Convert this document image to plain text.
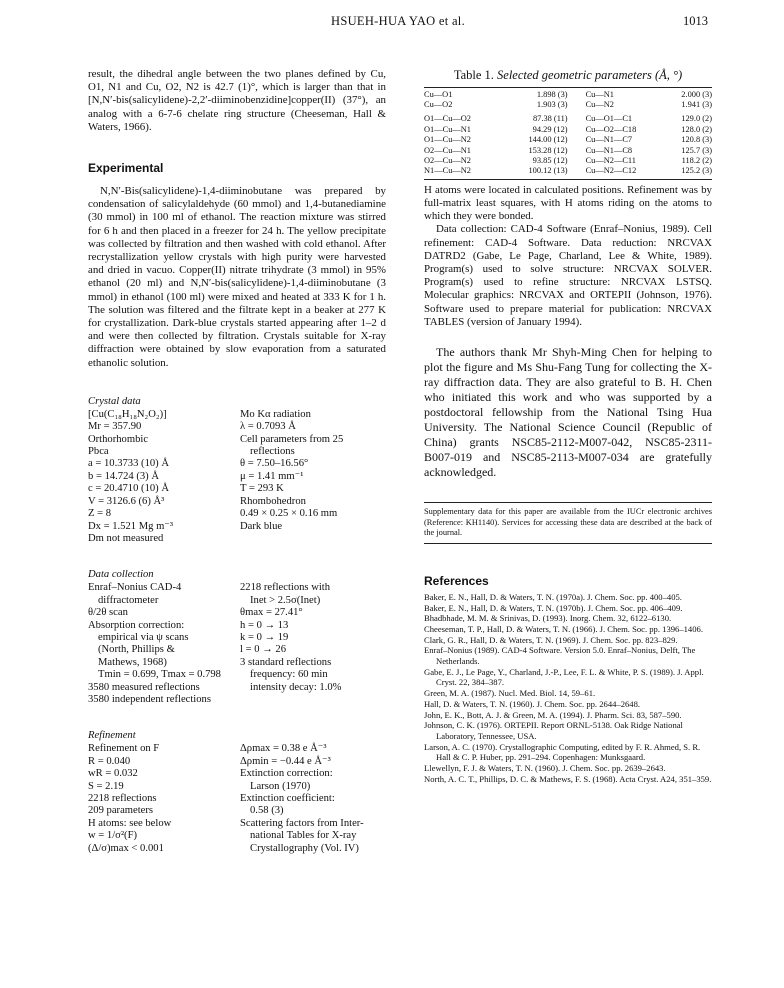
HSUEH-HUA YAO et al.	1013

result, the dihedral angle between the two planes defined by Cu, O1, N1 and Cu, O2, N2 is 42.7 (1)°, which is larger than that in [N,N′-bis(salicylidene)-2,2′-diiminobenzidine]copper(II) (37°), an analog with a 6-7-6 chelate ring structure (Cheeseman, Hall & Waters, 1966).

Experimental

N,N′-Bis(salicylidene)-1,4-diiminobutane was prepared by condensation of salicylaldehyde (60 mmol) and 1,4-butanediamine (30 mmol) in 100 ml of ethanol. The reaction mixture was stirred for 6 h and then placed in a freezer for 24 h. The yellow precipitate was collected by filtration and then washed with cold ethanol. After recrystallization yellow crystals with high purity were harvested and dried in vacuo. Copper(II) nitrate trihydrate (3 mmol) in 95% ethanol (20 ml) and N,N′-bis(salicylidene)-1,4-diiminobutane (3 mmol) in ethanol (100 ml) were mixed and heated at 333 K for 1 h. The solution was filtered and the filtrate kept in a beaker at 277 K for crystallization. Dark-blue crystals started appearing after 1–2 d and were then collected by filtration. Crystals suitable for X-ray diffraction were obtained by slow evaporation from a saturated ethanolic solution.

Crystal data

[Cu(C₁₈H₁₈N₂O₂)]
Mr = 357.90
Orthorhombic
Pbca
a = 10.3733 (10) Å
b = 14.724 (3) Å
c = 20.4710 (10) Å
V = 3126.6 (6) Å³
Z = 8
Dx = 1.521 Mg m⁻³
Dm not measured
Mo Kα radiation
λ = 0.7093 Å
Cell parameters from 25
reflections
θ = 7.50–16.56°
μ = 1.41 mm⁻¹
T = 293 K
Rhombohedron
0.49 × 0.25 × 0.16 mm
Dark blue

Data collection

Enraf–Nonius CAD-4
diffractometer
θ/2θ scan
Absorption correction:
empirical via ψ scans
(North, Phillips &
Mathews, 1968)
Tmin = 0.699, Tmax = 0.798
3580 measured reflections
3580 independent reflections
2218 reflections with
Inet > 2.5σ(Inet)
θmax = 27.41°
h = 0 → 13
k = 0 → 19
l = 0 → 26
3 standard reflections
frequency: 60 min
intensity decay: 1.0%

Refinement

Refinement on F
R = 0.040
wR = 0.032
S = 2.19
2218 reflections
209 parameters
H atoms: see below
w = 1/σ²(F)
(Δ/σ)max < 0.001
Δρmax = 0.38 e Å⁻³
Δρmin = −0.44 e Å⁻³
Extinction correction:
Larson (1970)
Extinction coefficient:
0.58 (3)
Scattering factors from Inter-
national Tables for X-ray
Crystallography (Vol. IV)
Table 1. Selected geometric parameters (Å, °)
Cu—O1	1.898 (3)	Cu—N1	2.000 (3)
Cu—O2	1.903 (3)	Cu—N2	1.941 (3)
O1—Cu—O2	87.38 (11)	Cu—O1—C1	129.0 (2)
O1—Cu—N1	94.29 (12)	Cu—O2—C18	128.0 (2)
O1—Cu—N2	144.00 (12)	Cu—N1—C7	120.8 (3)
O2—Cu—N1	153.28 (12)	Cu—N1—C8	125.7 (3)
O2—Cu—N2	93.85 (12)	Cu—N2—C11	118.2 (2)
N1—Cu—N2	100.12 (13)	Cu—N2—C12	125.2 (3)

H atoms were located in calculated positions. Refinement was by full-matrix least squares, with H atoms riding on the atoms to which they were bonded.

Data collection: CAD-4 Software (Enraf–Nonius, 1989). Cell refinement: CAD-4 Software. Data reduction: NRCVAX DATRD2 (Gabe, Le Page, Charland, Lee & White, 1989). Program(s) used to solve structure: NRCVAX SOLVER. Program(s) used to refine structure: NRCVAX LSTSQ. Molecular graphics: NRCVAX and ORTEPII (Johnson, 1976). Software used to prepare material for publication: NRCVAX TABLES (version of January 1994).

The authors thank Mr Shyh-Ming Chen for helping to plot the figure and Ms Shu-Fang Tung for collecting the X-ray diffraction data. They are also grateful to B. H. Chen who initiated this work and who was supported by a postdoctoral fellowship from the National Tsing Hua University. The National Science Council (Republic of China) grants NSC85-2112-M007-042, NSC85-2311-B007-019 and NSC85-2113-M007-034 are gratefully acknowledged.

Supplementary data for this paper are available from the IUCr electronic archives (Reference: KH1140). Services for accessing these data are described at the back of the journal.

References
Baker, E. N., Hall, D. & Waters, T. N. (1970a). J. Chem. Soc. pp. 400–405.
Baker, E. N., Hall, D. & Waters, T. N. (1970b). J. Chem. Soc. pp. 406–409.
Bhadbhade, M. M. & Srinivas, D. (1993). Inorg. Chem. 32, 6122–6130.
Cheeseman, T. P., Hall, D. & Waters, T. N. (1966). J. Chem. Soc. pp. 1396–1406.
Clark, G. R., Hall, D. & Waters, T. N. (1969). J. Chem. Soc. pp. 823–829.
Enraf–Nonius (1989). CAD-4 Software. Version 5.0. Enraf–Nonius, Delft, The Netherlands.
Gabe, E. J., Le Page, Y., Charland, J.-P., Lee, F. L. & White, P. S. (1989). J. Appl. Cryst. 22, 384–387.
Green, M. A. (1987). Nucl. Med. Biol. 14, 59–61.
Hall, D. & Waters, T. N. (1960). J. Chem. Soc. pp. 2644–2648.
John, E. K., Bott, A. J. & Green, M. A. (1994). J. Pharm. Sci. 83, 587–590.
Johnson, C. K. (1976). ORTEPII. Report ORNL-5138. Oak Ridge National Laboratory, Tennessee, USA.
Larson, A. C. (1970). Crystallographic Computing, edited by F. R. Ahmed, S. R. Hall & C. P. Huber, pp. 291–294. Copenhagen: Munksgaard.
Llewellyn, F. J. & Waters, T. N. (1960). J. Chem. Soc. pp. 2639–2643.
North, A. C. T., Phillips, D. C. & Mathews, F. S. (1968). Acta Cryst. A24, 351–359.
